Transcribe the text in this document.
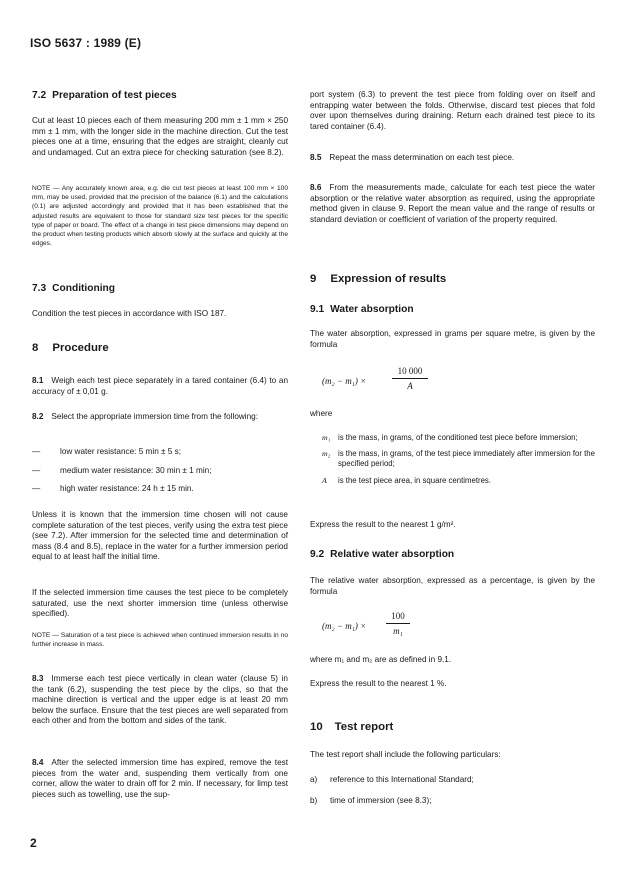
ISO 5637 : 1989 (E)

7.2 Preparation of test pieces

Cut at least 10 pieces each of them measuring 200 mm ± 1 mm × 250 mm ± 1 mm, with the longer side in the machine direction. Cut the test pieces one at a time, ensuring that the edges are straight, cleanly cut and undamaged. Cut an extra piece for checking saturation (see 8.2).

NOTE — Any accurately known area, e.g. die cut test pieces at least 100 mm × 100 mm, may be used, provided that the precision of the balance (6.1) and the calculations (0.1) are adjusted accordingly and provided that it has been established that the adjusted results are equivalent to those for standard size test pieces for the specific type of paper or board. The effect of a change in test piece dimensions may depend on the product when testing products which absorb slowly at the surface and quickly at the edges.

7.3 Conditioning

Condition the test pieces in accordance with ISO 187.

8 Procedure

8.1 Weigh each test piece separately in a tared container (6.4) to an accuracy of ± 0,01 g.

8.2 Select the appropriate immersion time from the following:

— low water resistance: 5 min ± 5 s;

— medium water resistance: 30 min ± 1 min;

— high water resistance: 24 h ± 15 min.

Unless it is known that the immersion time chosen will not cause complete saturation of the test pieces, verify using the extra test piece (see 7.2). After immersion for the selected time and determination of mass (8.4 and 8.5), replace in the water for a further immersion period equal to at least half the initial time.

If the selected immersion time causes the test piece to be completely saturated, use the next shorter immersion time (unless otherwise specified).

NOTE — Saturation of a test piece is achieved when continued immersion results in no further increase in mass.

8.3 Immerse each test piece vertically in clean water (clause 5) in the tank (6.2), suspending the test piece by the clips, so that the machine direction is vertical and the upper edge is at least 20 mm below the surface. Ensure that the test pieces are well separated from each other and from the bottom and sides of the tank.

8.4 After the selected immersion time has expired, remove the test pieces from the water and, suspending them vertically from one corner, allow the water to drain off for 2 min. If necessary, for limp test pieces such as towelling, use the sup-

port system (6.3) to prevent the test piece from folding over on itself and entrapping water between the folds. Otherwise, discard test pieces that fold over upon themselves during draining. Return each drained test piece to its tared container (6.4).

8.5 Repeat the mass determination on each test piece.

8.6 From the measurements made, calculate for each test piece the water absorption or the relative water absorption as required, using the appropriate method given in clause 9. Report the mean value and the range of results or standard deviation or coefficient of variation of the property required.

9 Expression of results

9.1 Water absorption

The water absorption, expressed in grams per square metre, is given by the formula

(m₂ − m₁) ×
10 000
A

where

m₁ is the mass, in grams, of the conditioned test piece before immersion;

m₂ is the mass, in grams, of the test piece immediately after immersion for the specified period;

A is the test piece area, in square centimetres.

Express the result to the nearest 1 g/m².

9.2 Relative water absorption

The relative water absorption, expressed as a percentage, is given by the formula

(m₂ − m₁) ×
100
m₁

where m₁ and m₂ are as defined in 9.1.

Express the result to the nearest 1 %.

10 Test report

The test report shall include the following particulars:

a) reference to this International Standard;

b) time of immersion (see 8.3);

2
